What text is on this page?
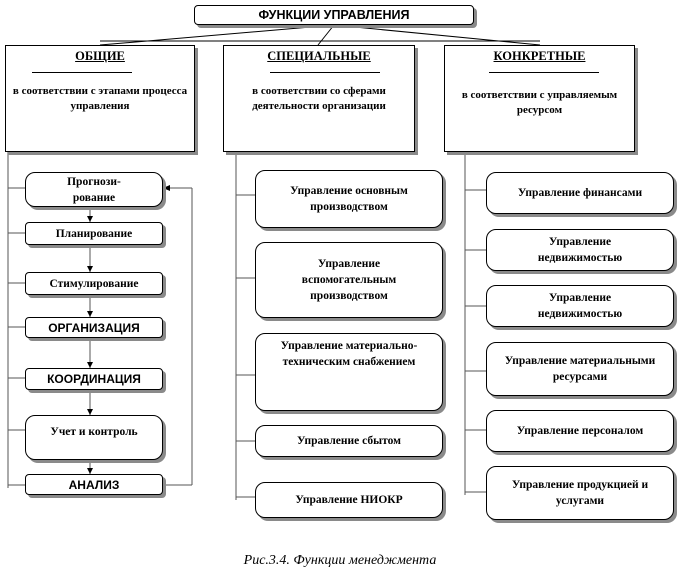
ФУНКЦИИ УПРАВЛЕНИЯ
ОБЩИЕ
в соответствии с этапами процесса управления
СПЕЦИАЛЬНЫЕ
в соответствии со сферами деятельности организации
КОНКРЕТНЫЕ
в соответствии с управляемым ресурсом
Прогнози-рование
Планирование
Стимулирование
ОРГАНИЗАЦИЯ
КООРДИНАЦИЯ
Учет и контроль
АНАЛИЗ
Управление основным производством
Управление вспомогательным производством
Управление материально-техническим снабжением
Управление сбытом
Управление НИОКР
Управление финансами
Управление недвижимостью
Управление недвижимостью
Управление материальными ресурсами
Управление персоналом
Управление продукцией и услугами
Рис.3.4. Функции менеджмента
